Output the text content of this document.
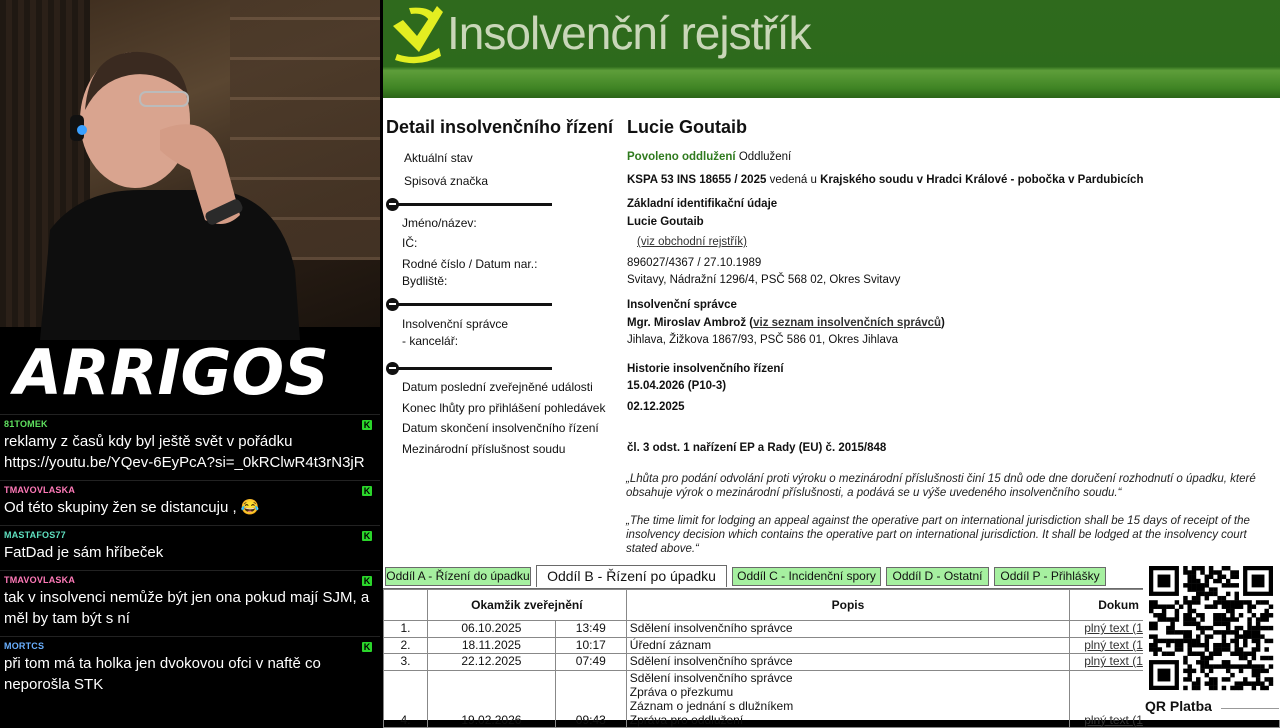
ARRIGOS
81TOMEK	K
reklamy z časů kdy byl ještě svět v pořádku https://youtu.be/YQev-6EyPcA?si=_0kRClwR4t3rN3jR
TMAVOVLASKA	K
Od této skupiny žen se distancuju , 😂
MASTAFOS77	K
FatDad je sám hříbeček
TMAVOVLASKA	K
tak v insolvenci nemůže být jen ona pokud mají SJM, a měl by tam být s ní
MORTCS	K
při tom má ta holka jen dvokovou ofci v naftě co neporošla STK
Insolvenční rejstřík
Detail insolvenčního řízení Lucie Goutaib
Aktuální stav	Povoleno oddlužení Oddlužení
Spisová značka	KSPA 53 INS 18655 / 2025 vedená u Krajského soudu v Hradci Králové - pobočka v Pardubicích
Základní identifikační údaje
Jméno/název:	Lucie Goutaib
IČ:	(viz obchodní rejstřík)
Rodné číslo / Datum nar.:	896027/4367 / 27.10.1989
Bydliště:	Svitavy, Nádražní 1296/4, PSČ 568 02, Okres Svitavy
Insolvenční správce
Insolvenční správce	Mgr. Miroslav Ambrož (viz seznam insolvenčních správců)
- kancelář:	Jihlava, Žižkova 1867/93, PSČ 586 01, Okres Jihlava
Historie insolvenčního řízení
Datum poslední zveřejněné události	15.04.2026 (P10-3)
Konec lhůty pro přihlášení pohledávek 02.12.2025
Datum skončení insolvenčního řízení
Mezinárodní příslušnost soudu	čl. 3 odst. 1 nařízení EP a Rady (EU) č. 2015/848
„Lhůta pro podání odvolání proti výroku o mezinárodní příslušnosti činí 15 dnů ode dne doručení rozhodnutí o úpadku, které obsahuje výrok o mezinárodní příslušnosti, a podává se u výše uvedeného insolvenčního soudu.“
„The time limit for lodging an appeal against the operative part on international jurisdiction shall be 15 days of receipt of the insolvency decision which contains the operative part on international jurisdiction. It shall be lodged at the insolvency court stated above.“
Oddíl A - Řízení do úpadku	Oddíl B - Řízení po úpadku	Oddíl C - Incidenční spory	Oddíl D - Ostatní	Oddíl P - Přihlášky
	Okamžik zveřejnění		Popis	Dokum
1.	06.10.2025	13:49	Sdělení insolvenčního správce	plný text (1
2.	18.11.2025	10:17	Úřední záznam	plný text (1
3.	22.12.2025	07:49	Sdělení insolvenčního správce	plný text (1
4.	19.02.2026	09:43	Sdělení insolvenčního správce
Zpráva o přezkumu
Záznam o jednání s dlužníkem
Zpráva pro oddlužení	plný text (1
QR Platba
